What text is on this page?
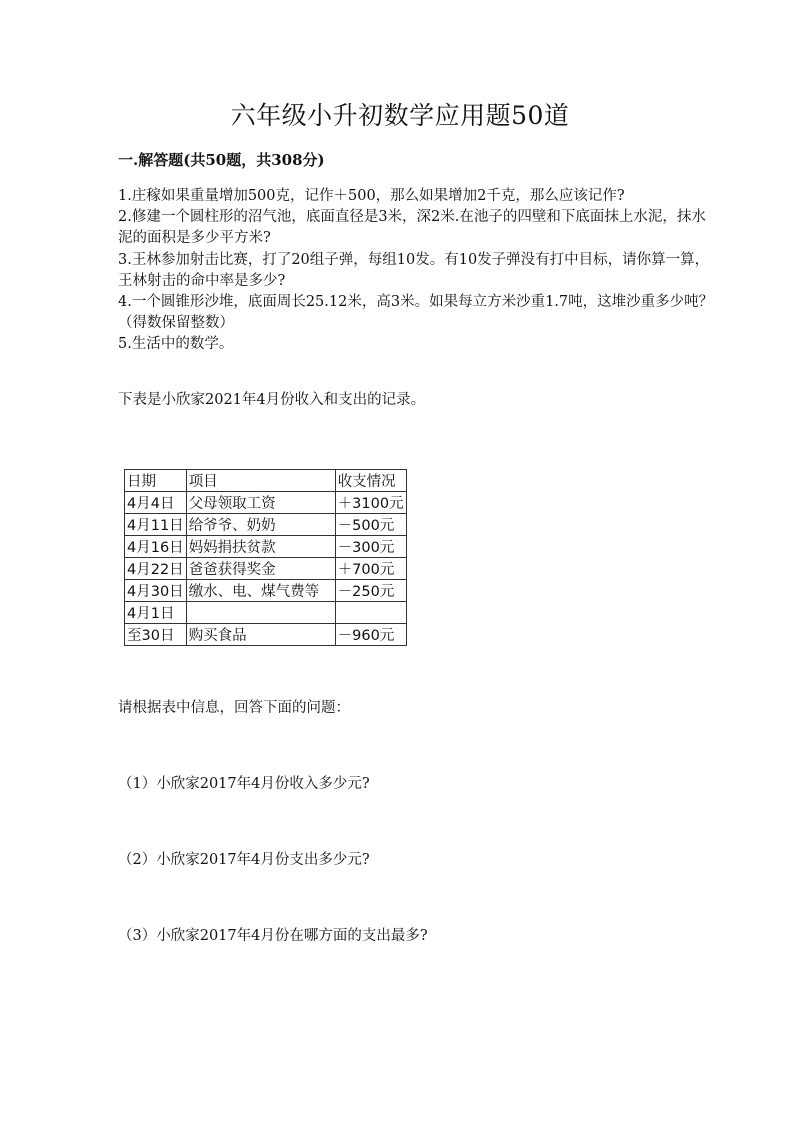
六年级小升初数学应用题50道
一.解答题(共50题，共308分)

1.庄稼如果重量增加500克，记作＋500，那么如果增加2千克，那么应该记作?

2.修建一个圆柱形的沼气池，底面直径是3米，深2米.在池子的四壁和下底面抹上水泥，抹水泥的面积是多少平方米?

3.王林参加射击比赛，打了20组子弹，每组10发。有10发子弹没有打中目标，请你算一算，王林射击的命中率是多少?

4.一个圆锥形沙堆，底面周长25.12米，高3米。如果每立方米沙重1.7吨，这堆沙重多少吨？（得数保留整数）

5.生活中的数学。

下表是小欣家2021年4月份收入和支出的记录。
日期	项目	收支情况
4月4日	父母领取工资	＋3100元
4月11日	给爷爷、奶奶	－500元
4月16日	妈妈捐扶贫款	－300元
4月22日	爸爸获得奖金	＋700元
4月30日	缴水、电、煤气费等	－250元
4月1日		
至30日	购买食品	－960元
请根据表中信息，回答下面的问题：
（1）小欣家2017年4月份收入多少元?
（2）小欣家2017年4月份支出多少元?
（3）小欣家2017年4月份在哪方面的支出最多?
